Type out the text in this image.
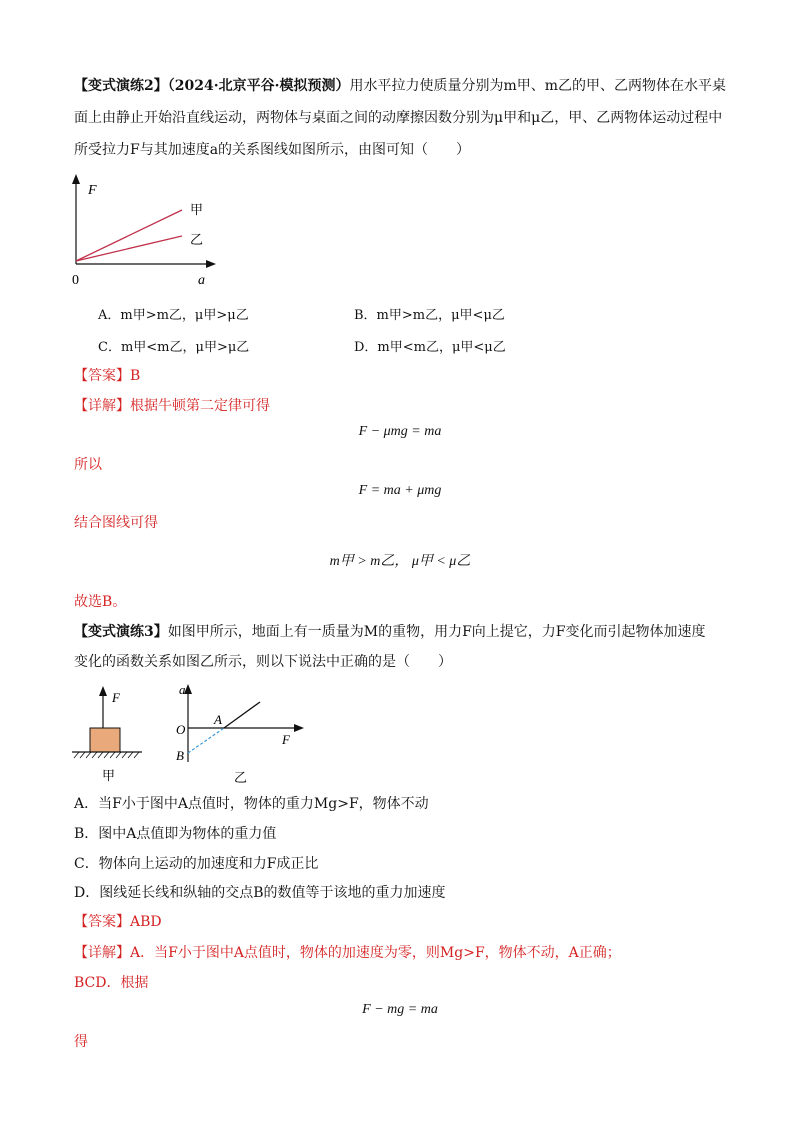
【变式演练2】（2024·北京平谷·模拟预测）用水平拉力使质量分别为m甲、m乙的甲、乙两物体在水平桌
面上由静止开始沿直线运动，两物体与桌面之间的动摩擦因数分别为μ甲和μ乙，甲、乙两物体运动过程中
所受拉力F与其加速度a的关系图线如图所示，由图可知（　　）
F
a
0
甲
乙
A．m甲>m乙，μ甲>μ乙	B．m甲>m乙，μ甲<μ乙
C．m甲<m乙，μ甲>μ乙	D．m甲<m乙，μ甲<μ乙
【答案】B
【详解】根据牛顿第二定律可得
F − μmg = ma
所以
F = ma + μmg
结合图线可得
m甲 > m乙， μ甲 < μ乙
故选B。
【变式演练3】如图甲所示，地面上有一质量为M的重物，用力F向上提它，力F变化而引起物体加速度
变化的函数关系如图乙所示，则以下说法中正确的是（　　）
F
甲
a
F
O
A
B
乙
A．当F小于图中A点值时，物体的重力Mg>F，物体不动
B．图中A点值即为物体的重力值
C．物体向上运动的加速度和力F成正比
D．图线延长线和纵轴的交点B的数值等于该地的重力加速度
【答案】ABD
【详解】A．当F小于图中A点值时，物体的加速度为零，则Mg>F，物体不动，A正确；
BCD．根据
F − mg = ma
得
